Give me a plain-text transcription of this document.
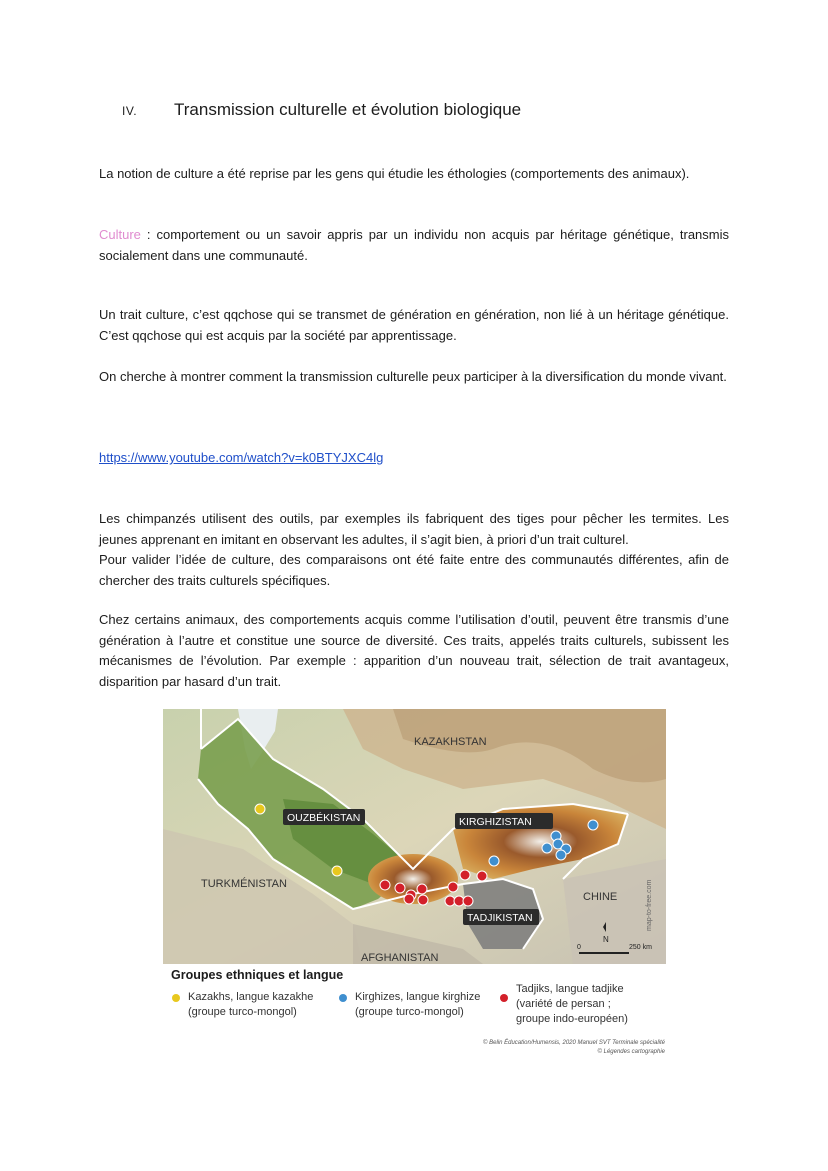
IV. Transmission culturelle et évolution biologique
La notion de culture a été reprise par les gens qui étudie les éthologies (comportements des animaux).
Culture : comportement ou un savoir appris par un individu non acquis par héritage génétique, transmis socialement dans une communauté.
Un trait culture, c’est qqchose qui se transmet de génération en génération, non lié à un héritage génétique. C’est qqchose qui est acquis par la société par apprentissage.
On cherche à montrer comment la transmission culturelle peux participer à la diversification du monde vivant.
https://www.youtube.com/watch?v=k0BTYJXC4lg
Les chimpanzés utilisent des outils, par exemples ils fabriquent des tiges pour pêcher les termites. Les jeunes apprenant en imitant en observant les adultes, il s’agit bien, à priori d’un trait culturel.
Pour valider l’idée de culture, des comparaisons ont été faite entre des communautés différentes, afin de chercher des traits culturels spécifiques.
Chez certains animaux, des comportements acquis comme l’utilisation d’outil, peuvent être transmis d’une génération à l’autre et constitue une source de diversité. Ces traits, appelés traits culturels, subissent les mécanismes de l’évolution. Par exemple : apparition d’un nouveau trait, sélection de trait avantageux, disparition par hasard d’un trait.
KAZAKHSTAN
OUZBÉKISTAN	KIRGHIZISTAN
TURKMÉNISTAN
CHINE
TADJIKISTAN
AFGHANISTAN
map-to-free.com
N
0	250 km
Groupes ethniques et langue
Kazakhs, langue kazakhe
(groupe turco-mongol)
Kirghizes, langue kirghize
(groupe turco-mongol)
Tadjiks, langue tadjike
(variété de persan ;
groupe indo-européen)
© Belin Éducation/Humensis, 2020 Manuel SVT Terminale spécialité
© Légendes cartographie
